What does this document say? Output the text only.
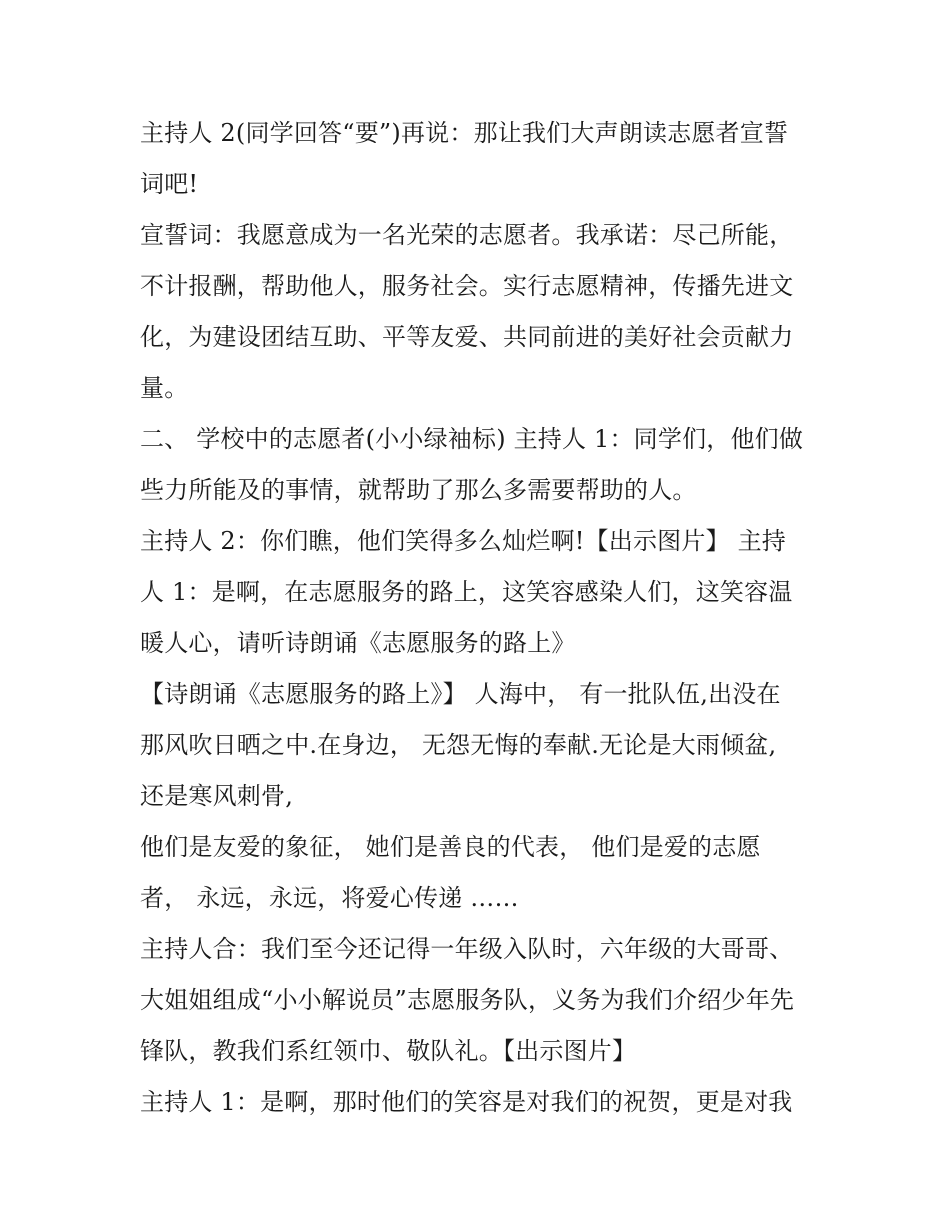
主持人 2(同学回答“要”)再说：那让我们大声朗读志愿者宣誓
词吧!
宣誓词：我愿意成为一名光荣的志愿者。我承诺：尽己所能，
不计报酬，帮助他人，服务社会。实行志愿精神，传播先进文
化，为建设团结互助、平等友爱、共同前进的美好社会贡献力
量。
二、 学校中的志愿者(小小绿袖标) 主持人 1：同学们，他们做
些力所能及的事情，就帮助了那么多需要帮助的人。
主持人 2：你们瞧，他们笑得多么灿烂啊!【出示图片】 主持
人 1：是啊，在志愿服务的路上，这笑容感染人们，这笑容温
暖人心，请听诗朗诵《志愿服务的路上》
【诗朗诵《志愿服务的路上》】 人海中， 有一批队伍,出没在
那风吹日晒之中.在身边， 无怨无悔的奉献.无论是大雨倾盆,
还是寒风刺骨,
他们是友爱的象征， 她们是善良的代表， 他们是爱的志愿
者， 永远，永远，将爱心传递 ……
主持人合：我们至今还记得一年级入队时，六年级的大哥哥、
大姐姐组成“小小解说员”志愿服务队，义务为我们介绍少年先
锋队，教我们系红领巾、敬队礼。【出示图片】
主持人 1：是啊，那时他们的笑容是对我们的祝贺，更是对我
